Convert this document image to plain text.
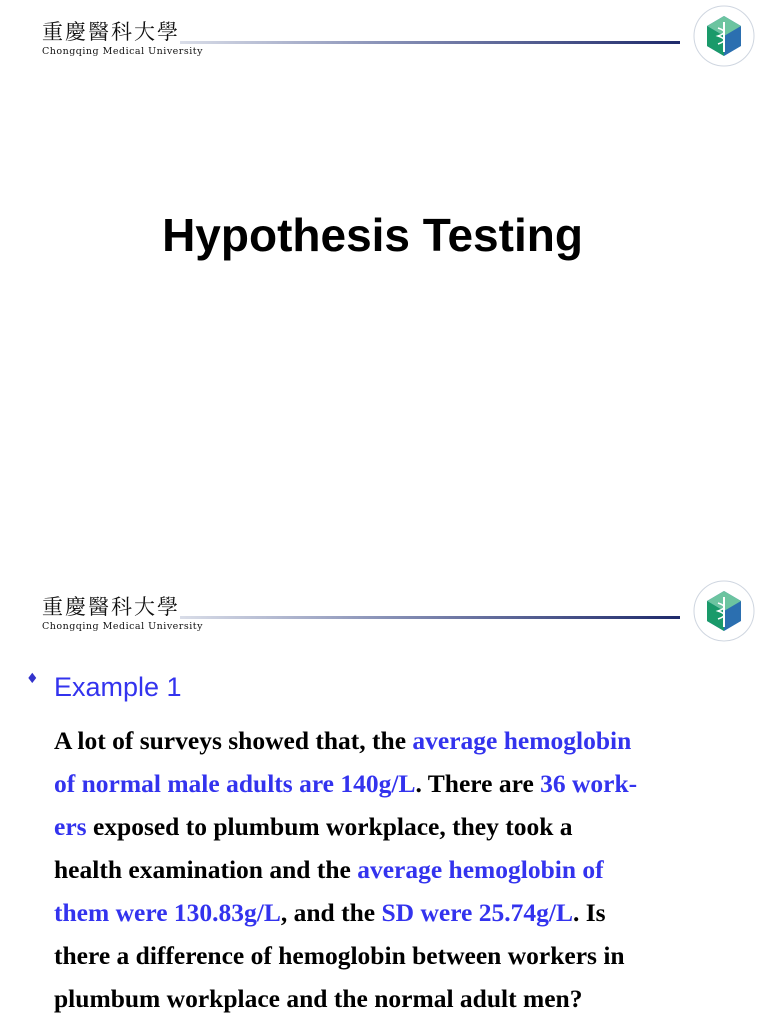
重慶醫科大學
Chongqing Medical University
Hypothesis Testing
重慶醫科大學
Chongqing Medical University
♦ Example 1
A lot of surveys showed that, the average hemoglobin
of normal male adults are 140g/L. There are 36 work-
ers exposed to plumbum workplace, they took a
health examination and the average hemoglobin of
them were 130.83g/L, and the SD were 25.74g/L. Is
there a difference of hemoglobin between workers in
plumbum workplace and the normal adult men?
